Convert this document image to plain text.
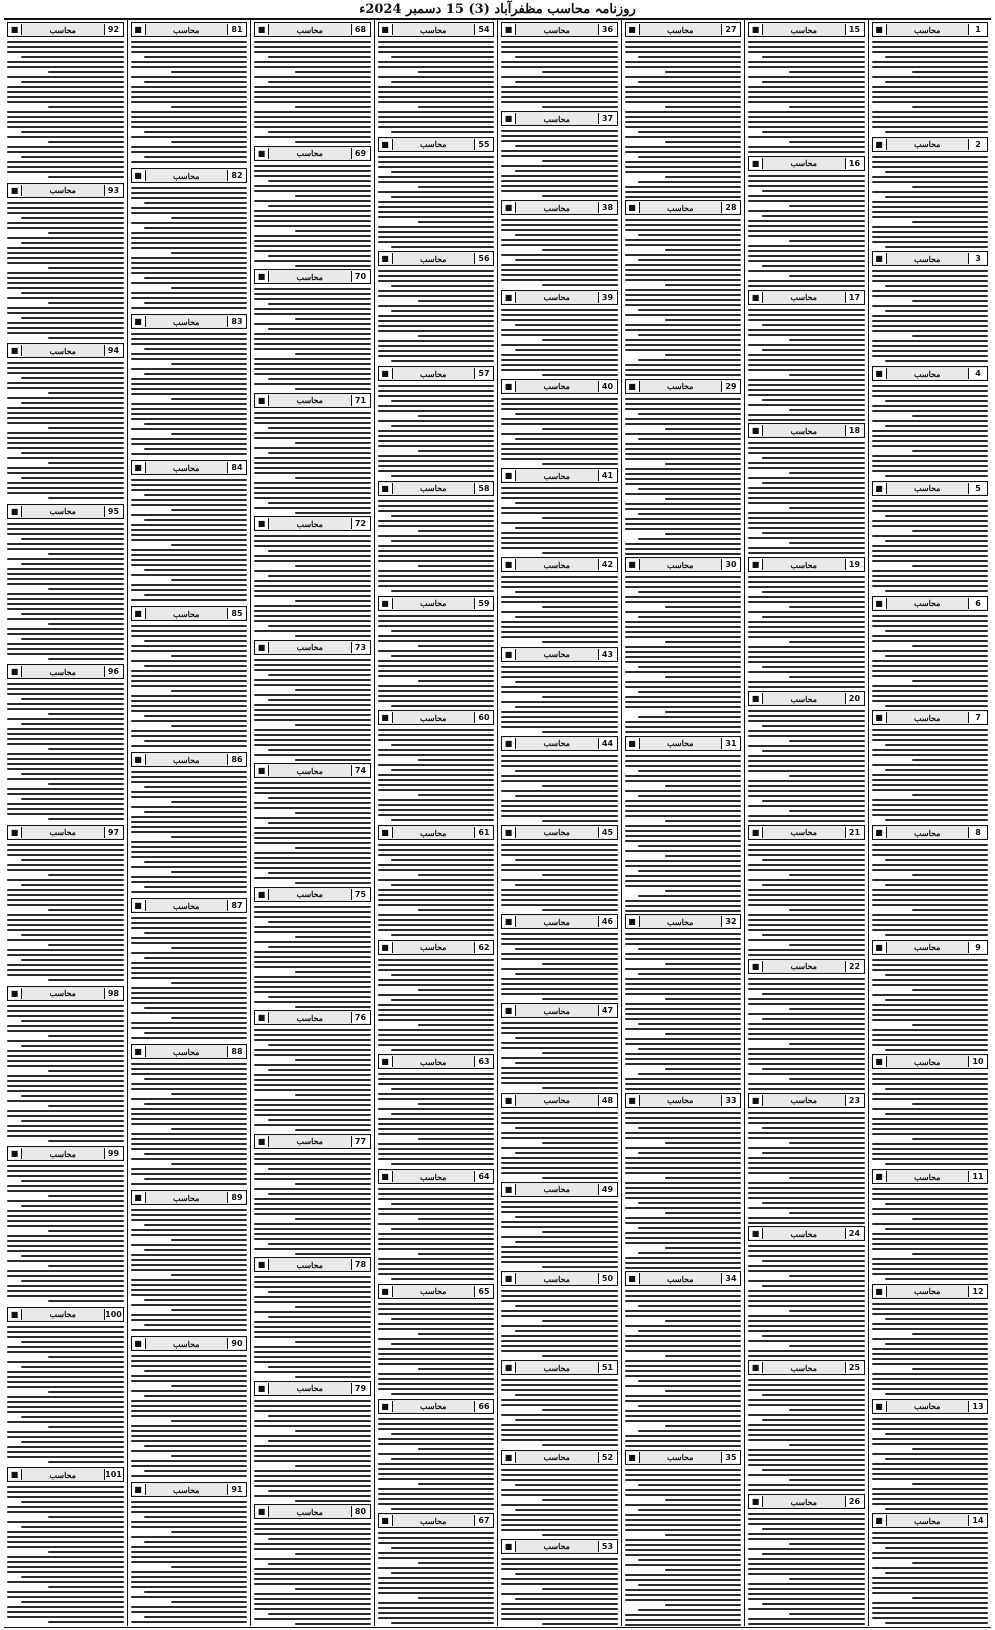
روزنامہ محاسب مظفرآباد (3) 15 دسمبر 2024ء
1
محاسب
■
2
محاسب
■
3
محاسب
■
4
محاسب
■
5
محاسب
■
6
محاسب
■
7
محاسب
■
8
محاسب
■
9
محاسب
■
10
محاسب
■
11
محاسب
■
12
محاسب
■
13
محاسب
■
14
محاسب
■
15
محاسب
■
16
محاسب
■
17
محاسب
■
18
محاسب
■
19
محاسب
■
20
محاسب
■
21
محاسب
■
22
محاسب
■
23
محاسب
■
24
محاسب
■
25
محاسب
■
26
محاسب
■
27
محاسب
■
28
محاسب
■
29
محاسب
■
30
محاسب
■
31
محاسب
■
32
محاسب
■
33
محاسب
■
34
محاسب
■
35
محاسب
■
36
محاسب
■
37
محاسب
■
38
محاسب
■
39
محاسب
■
40
محاسب
■
41
محاسب
■
42
محاسب
■
43
محاسب
■
44
محاسب
■
45
محاسب
■
46
محاسب
■
47
محاسب
■
48
محاسب
■
49
محاسب
■
50
محاسب
■
51
محاسب
■
52
محاسب
■
53
محاسب
■
54
محاسب
■
55
محاسب
■
56
محاسب
■
57
محاسب
■
58
محاسب
■
59
محاسب
■
60
محاسب
■
61
محاسب
■
62
محاسب
■
63
محاسب
■
64
محاسب
■
65
محاسب
■
66
محاسب
■
67
محاسب
■
68
محاسب
■
69
محاسب
■
70
محاسب
■
71
محاسب
■
72
محاسب
■
73
محاسب
■
74
محاسب
■
75
محاسب
■
76
محاسب
■
77
محاسب
■
78
محاسب
■
79
محاسب
■
80
محاسب
■
81
محاسب
■
82
محاسب
■
83
محاسب
■
84
محاسب
■
85
محاسب
■
86
محاسب
■
87
محاسب
■
88
محاسب
■
89
محاسب
■
90
محاسب
■
91
محاسب
■
92
محاسب
■
93
محاسب
■
94
محاسب
■
95
محاسب
■
96
محاسب
■
97
محاسب
■
98
محاسب
■
99
محاسب
■
100
محاسب
■
101
محاسب
■
